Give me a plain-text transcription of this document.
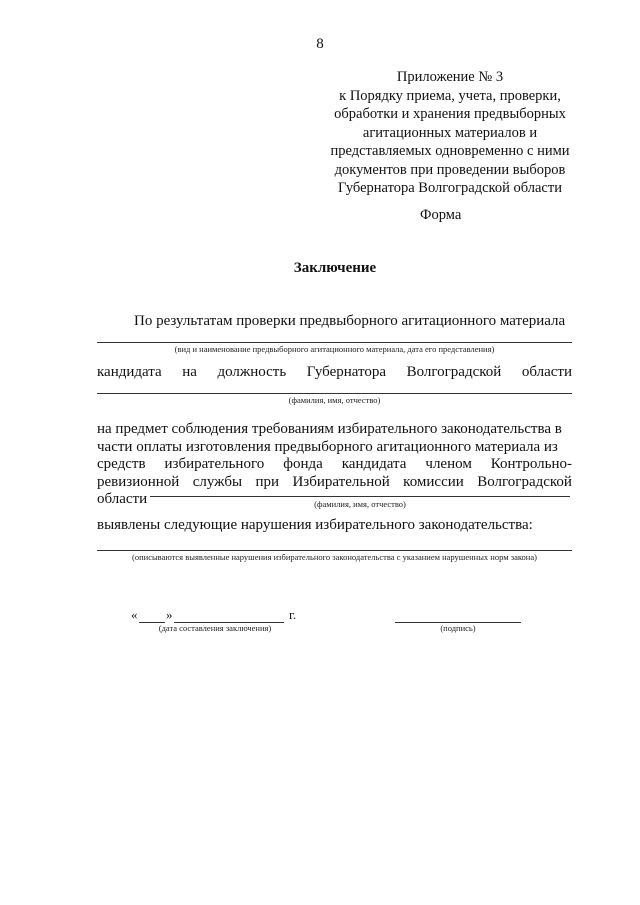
8
Приложение № 3
к Порядку приема, учета, проверки,
обработки и хранения предвыборных
агитационных материалов и
представляемых одновременно с ними
документов при проведении выборов
Губернатора Волгоградской области
Форма
Заключение
По результатам проверки предвыборного агитационного материала
(вид и наименование предвыборного агитационного материала, дата его представления)
кандидата на должность Губернатора Волгоградской области
(фамилия, имя, отчество)
на предмет соблюдения требованиям избирательного законодательства в
части оплаты изготовления предвыборного агитационного материала из
средств избирательного фонда кандидата членом Контрольно-
ревизионной службы при Избирательной комиссии Волгоградской
области	(фамилия, имя, отчество)
выявлены следующие нарушения избирательного законодательства:
(описываются выявленные нарушения избирательного законодательства с указанием нарушенных норм закона)
« »	г.
(дата составления заключения)	(подпись)
